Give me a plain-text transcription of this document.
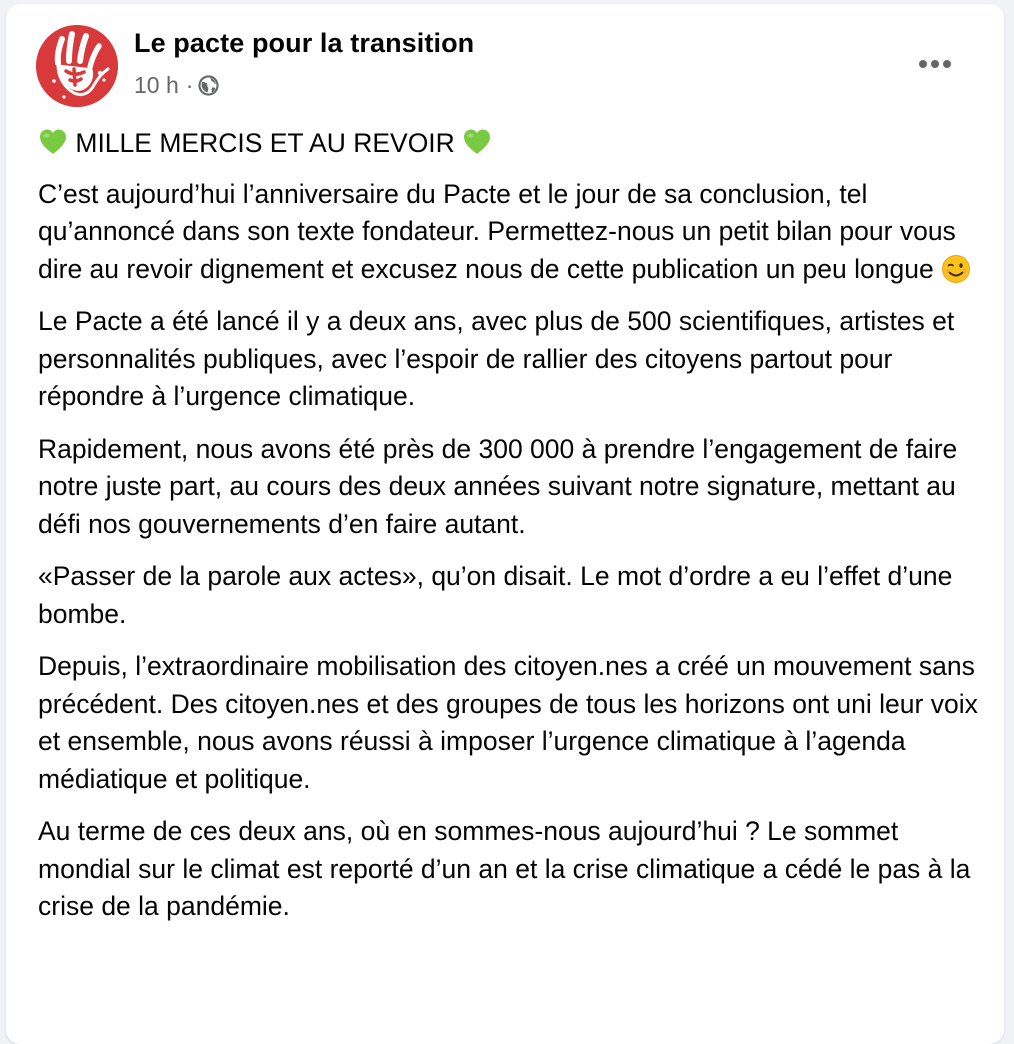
Le pacte pour la transition
10 h ·
MILLE MERCIS ET AU REVOIR
C’est aujourd’hui l’anniversaire du Pacte et le jour de sa conclusion, tel qu’annoncé dans son texte fondateur. Permettez-nous un petit bilan pour vous dire au revoir dignement et excusez nous de cette publication un peu longue
Le Pacte a été lancé il y a deux ans, avec plus de 500 scientifiques, artistes et personnalités publiques, avec l’espoir de rallier des citoyens partout pour répondre à l’urgence climatique.
Rapidement, nous avons été près de 300 000 à prendre l’engagement de faire notre juste part, au cours des deux années suivant notre signature, mettant au défi nos gouvernements d’en faire autant.
«Passer de la parole aux actes», qu’on disait. Le mot d’ordre a eu l’effet d’une bombe.
Depuis, l’extraordinaire mobilisation des citoyen.nes a créé un mouvement sans précédent. Des citoyen.nes et des groupes de tous les horizons ont uni leur voix et ensemble, nous avons réussi à imposer l’urgence climatique à l’agenda médiatique et politique.
Au terme de ces deux ans, où en sommes-nous aujourd’hui ? Le sommet mondial sur le climat est reporté d’un an et la crise climatique a cédé le pas à la crise de la pandémie.
